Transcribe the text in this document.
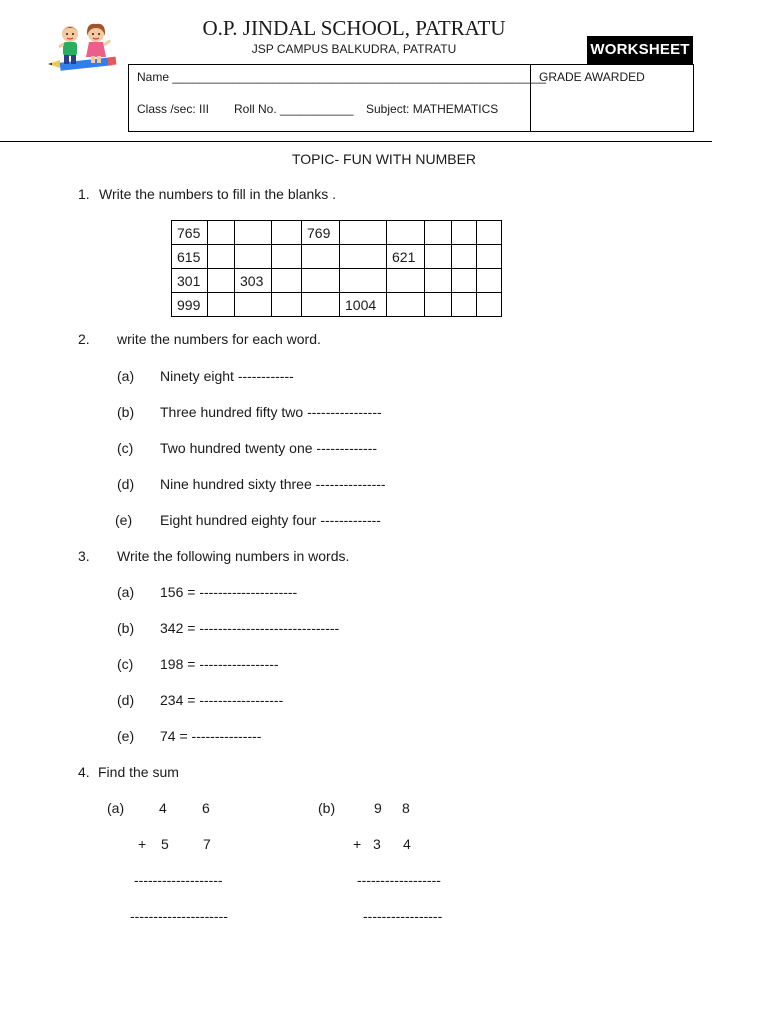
O.P. JINDAL SCHOOL, PATRATU
JSP CAMPUS BALKUDRA, PATRATU	WORKSHEET
Name ________________________________________________________
GRADE AWARDED
Class /sec: III Roll No. ___________ Subject: MATHEMATICS
TOPIC- FUN WITH NUMBER
1. Write the numbers to fill in the blanks .
765				769					
615						621			
301		303							
999					1004				
2. write the numbers for each word.
(a) Ninety eight ------------
(b) Three hundred fifty two ----------------
(c) Two hundred twenty one -------------
(d) Nine hundred sixty three ---------------
(e) Eight hundred eighty four -------------
3. Write the following numbers in words.
(a) 156 = ---------------------
(b) 342 = ------------------------------
(c) 198 = -----------------
(d) 234 = ------------------
(e) 74 = ---------------
4. Find the sum
(a) 4	6
+ 5 7
-------------------
---------------------
(b)	9 8
+ 3 4
------------------
-----------------
